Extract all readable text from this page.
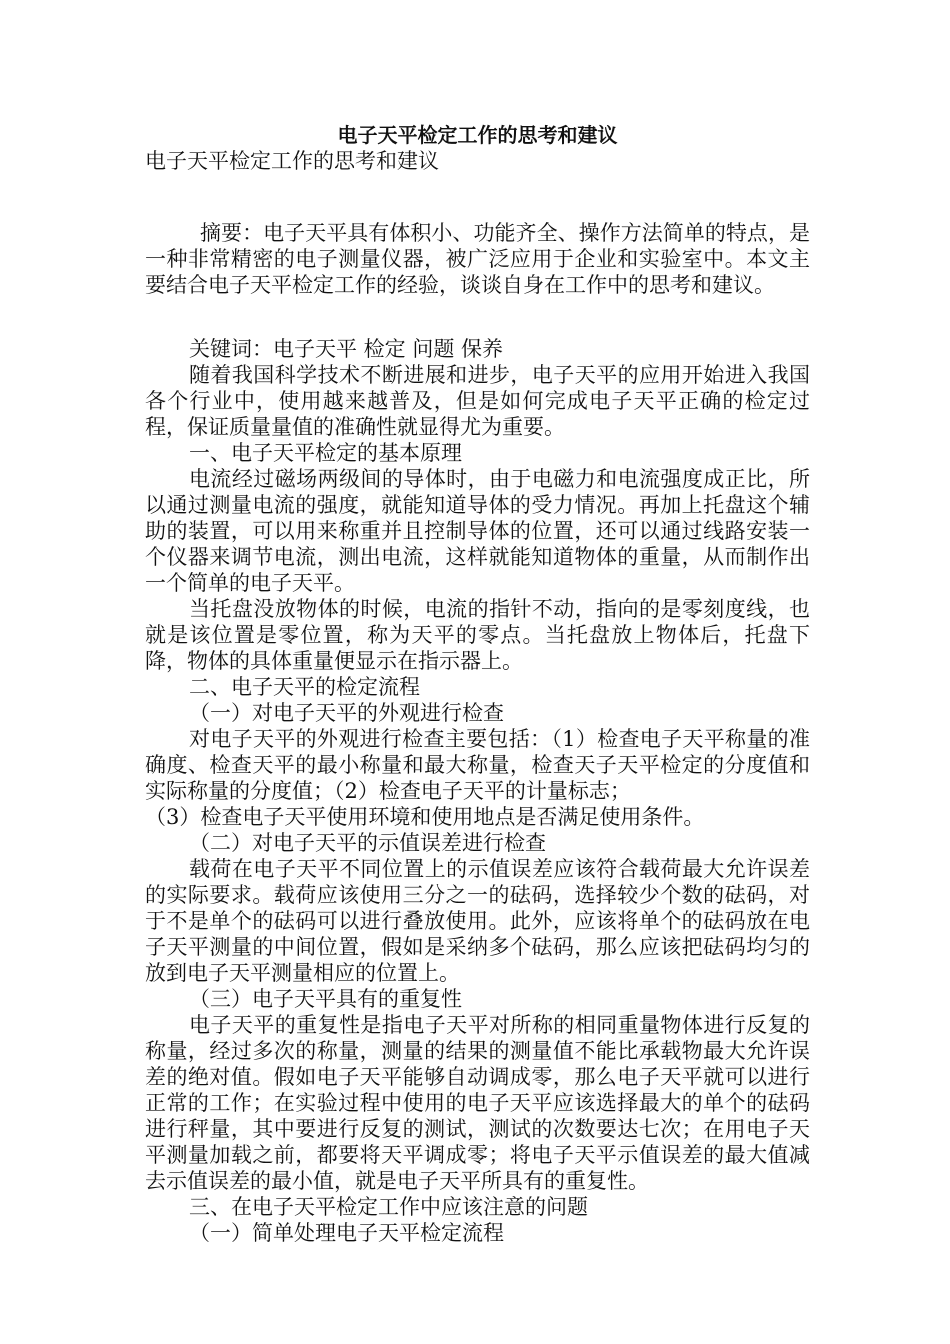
电子天平检定工作的思考和建议

电子天平检定工作的思考和建议

摘要：电子天平具有体积小、功能齐全、操作方法简单的特点，是一种非常精密的电子测量仪器，被广泛应用于企业和实验室中。本文主要结合电子天平检定工作的经验，谈谈自身在工作中的思考和建议。

关键词：电子天平 检定 问题 保养

随着我国科学技术不断进展和进步，电子天平的应用开始进入我国各个行业中，使用越来越普及，但是如何完成电子天平正确的检定过程，保证质量量值的准确性就显得尤为重要。

一、电子天平检定的基本原理

电流经过磁场两级间的导体时，由于电磁力和电流强度成正比，所以通过测量电流的强度，就能知道导体的受力情况。再加上托盘这个辅助的装置，可以用来称重并且控制导体的位置，还可以通过线路安装一个仪器来调节电流，测出电流，这样就能知道物体的重量，从而制作出一个简单的电子天平。

当托盘没放物体的时候，电流的指针不动，指向的是零刻度线，也就是该位置是零位置，称为天平的零点。当托盘放上物体后，托盘下降，物体的具体重量便显示在指示器上。

二、电子天平的检定流程

（一）对电子天平的外观进行检查

对电子天平的外观进行检查主要包括：（1）检查电子天平称量的准确度、检查天平的最小称量和最大称量，检查天子天平检定的分度值和实际称量的分度值；（2）检查电子天平的计量标志；

（3）检查电子天平使用环境和使用地点是否满足使用条件。

（二）对电子天平的示值误差进行检查

载荷在电子天平不同位置上的示值误差应该符合载荷最大允许误差的实际要求。载荷应该使用三分之一的砝码，选择较少个数的砝码，对于不是单个的砝码可以进行叠放使用。此外，应该将单个的砝码放在电子天平测量的中间位置，假如是采纳多个砝码，那么应该把砝码均匀的放到电子天平测量相应的位置上。

（三）电子天平具有的重复性

电子天平的重复性是指电子天平对所称的相同重量物体进行反复的称量，经过多次的称量，测量的结果的测量值不能比承载物最大允许误差的绝对值。假如电子天平能够自动调成零，那么电子天平就可以进行正常的工作；在实验过程中使用的电子天平应该选择最大的单个的砝码进行秤量，其中要进行反复的测试，测试的次数要达七次；在用电子天平测量加载之前，都要将天平调成零；将电子天平示值误差的最大值减去示值误差的最小值，就是电子天平所具有的重复性。

三、在电子天平检定工作中应该注意的问题

（一）简单处理电子天平检定流程
